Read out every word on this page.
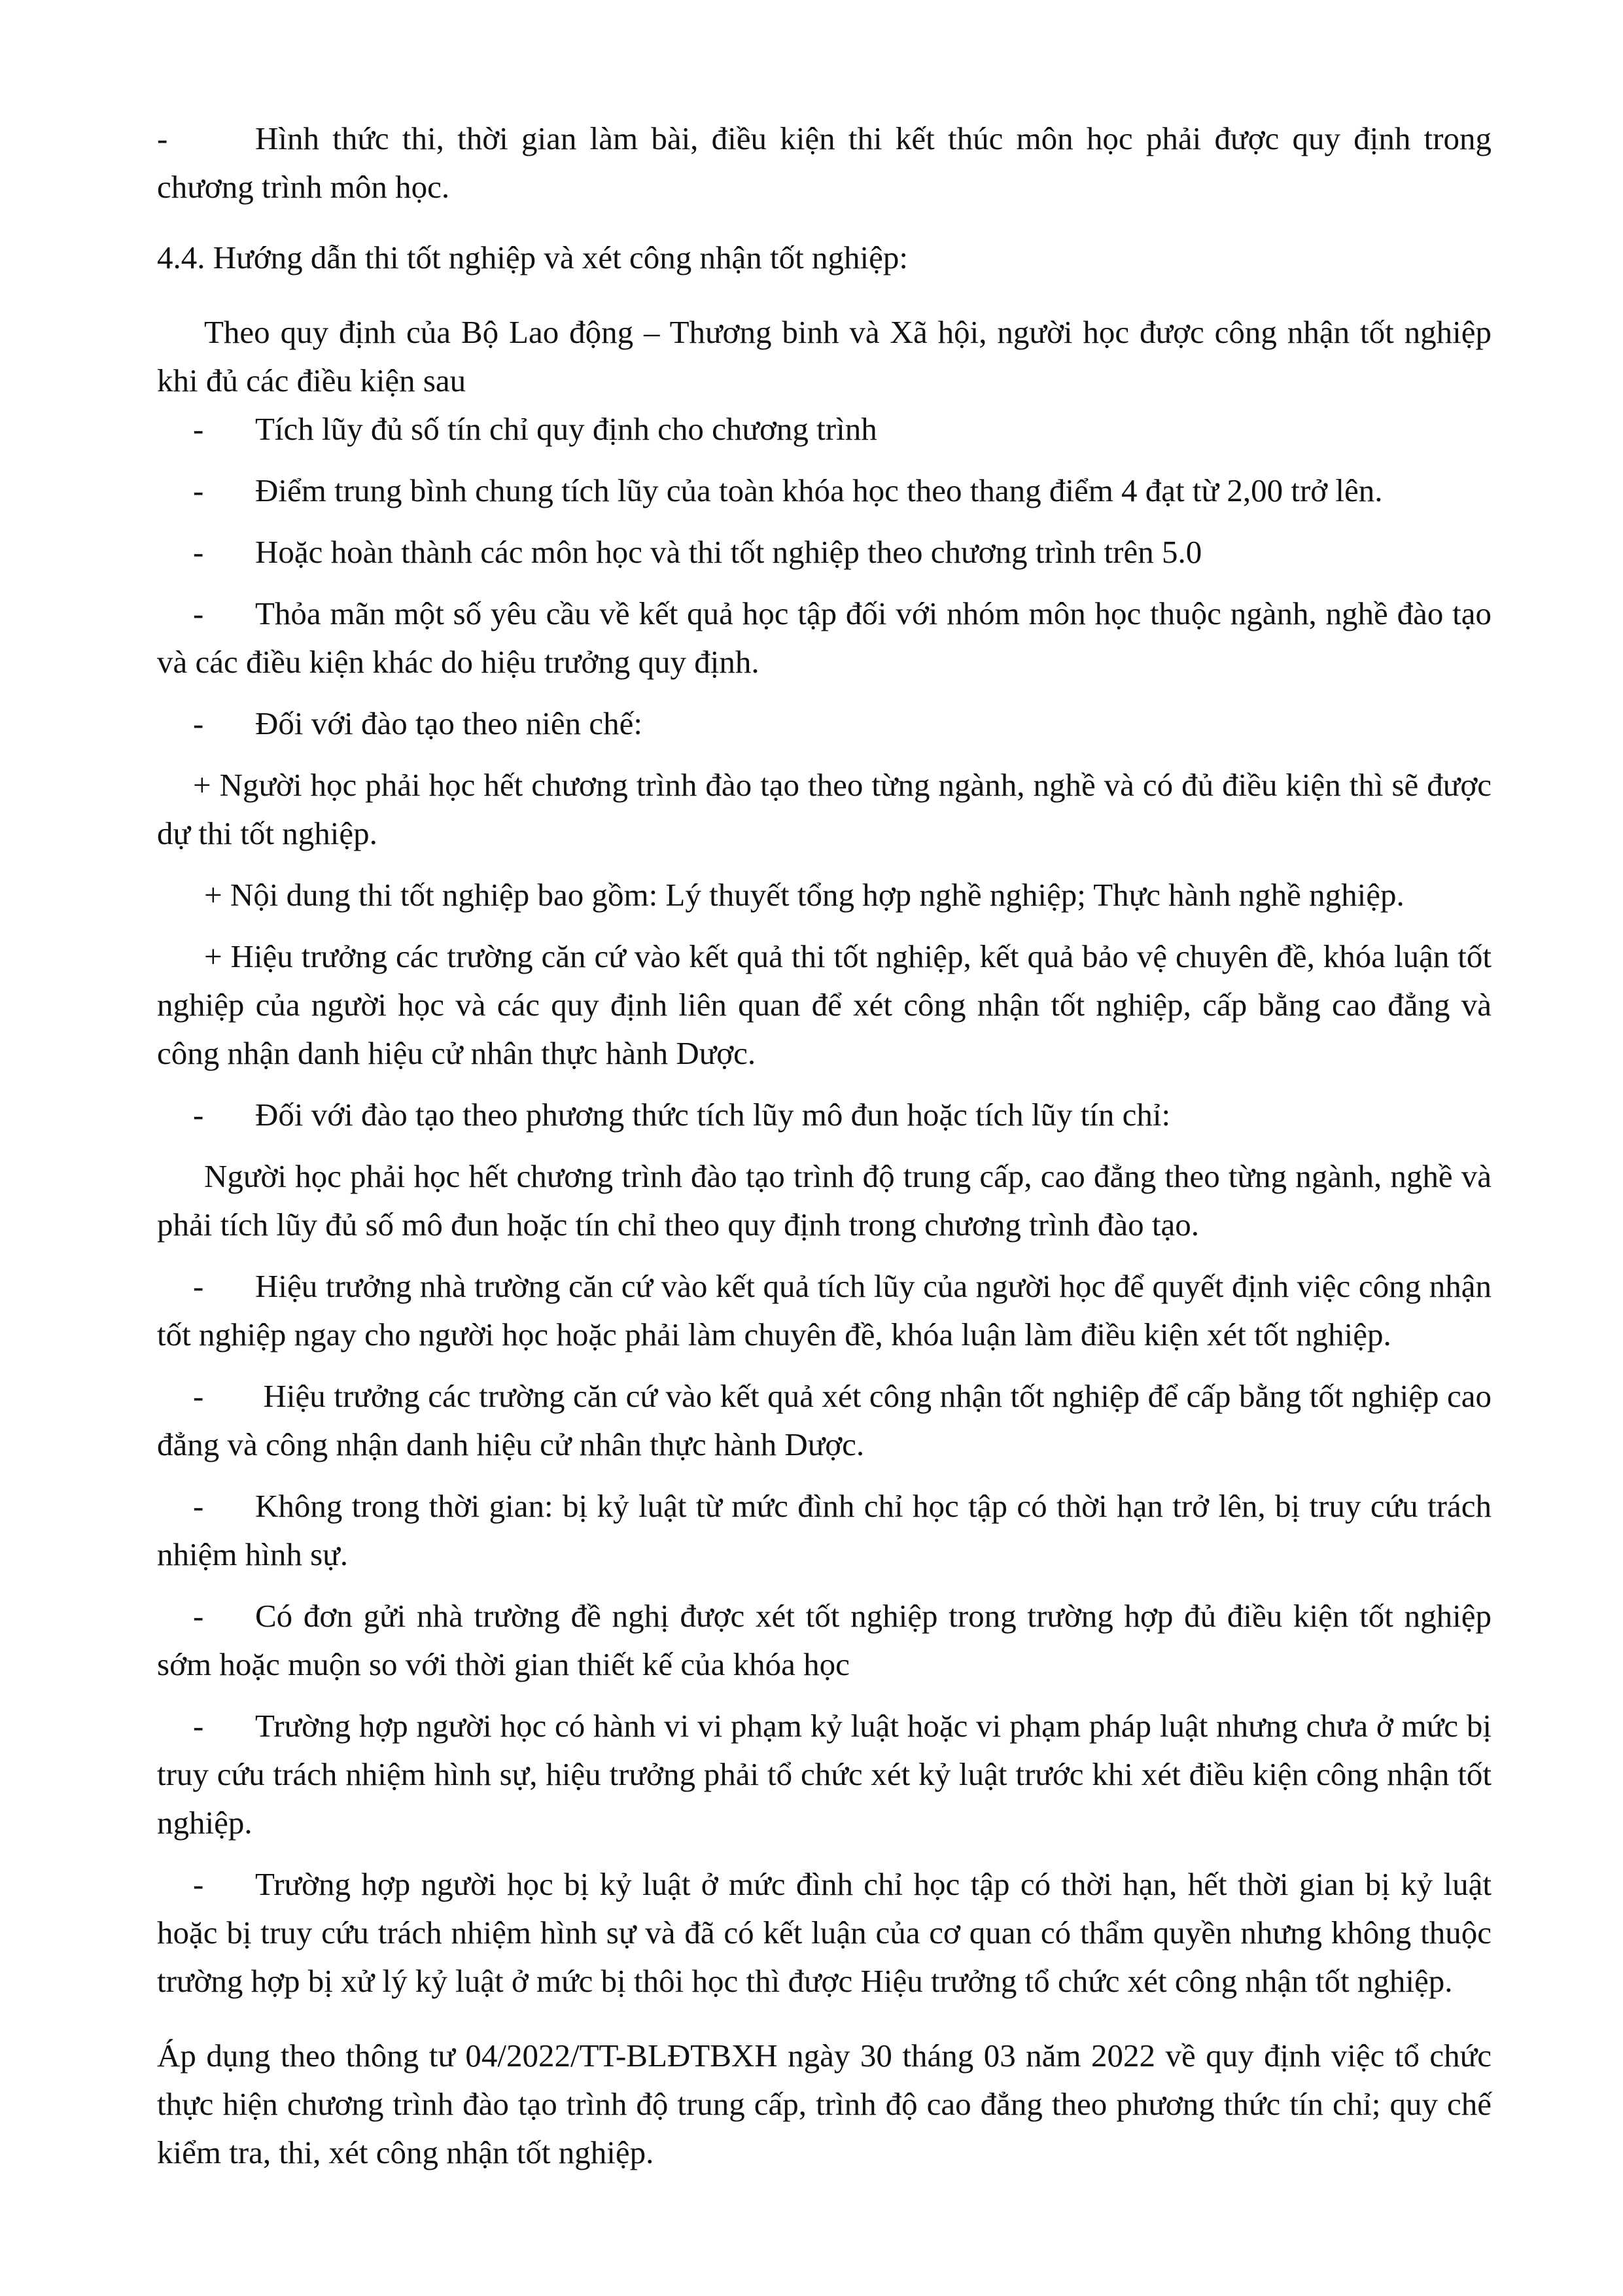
-	Hình thức thi, thời gian làm bài, điều kiện thi kết thúc môn học phải được quy định trong chương trình môn học.

4.4. Hướng dẫn thi tốt nghiệp và xét công nhận tốt nghiệp:

Theo quy định của Bộ Lao động – Thương binh và Xã hội, người học được công nhận tốt nghiệp khi đủ các điều kiện sau

- Tích lũy đủ số tín chỉ quy định cho chương trình

- Điểm trung bình chung tích lũy của toàn khóa học theo thang điểm 4 đạt từ 2,00 trở lên.

- Hoặc hoàn thành các môn học và thi tốt nghiệp theo chương trình trên 5.0

- Thỏa mãn một số yêu cầu về kết quả học tập đối với nhóm môn học thuộc ngành, nghề đào tạo và các điều kiện khác do hiệu trưởng quy định.

- Đối với đào tạo theo niên chế:

+ Người học phải học hết chương trình đào tạo theo từng ngành, nghề và có đủ điều kiện thì sẽ được dự thi tốt nghiệp.

+ Nội dung thi tốt nghiệp bao gồm: Lý thuyết tổng hợp nghề nghiệp; Thực hành nghề nghiệp.

+ Hiệu trưởng các trường căn cứ vào kết quả thi tốt nghiệp, kết quả bảo vệ chuyên đề, khóa luận tốt nghiệp của người học và các quy định liên quan để xét công nhận tốt nghiệp, cấp bằng cao đẳng và công nhận danh hiệu cử nhân thực hành Dược.

- Đối với đào tạo theo phương thức tích lũy mô đun hoặc tích lũy tín chỉ:

Người học phải học hết chương trình đào tạo trình độ trung cấp, cao đẳng theo từng ngành, nghề và phải tích lũy đủ số mô đun hoặc tín chỉ theo quy định trong chương trình đào tạo.

- Hiệu trưởng nhà trường căn cứ vào kết quả tích lũy của người học để quyết định việc công nhận tốt nghiệp ngay cho người học hoặc phải làm chuyên đề, khóa luận làm điều kiện xét tốt nghiệp.

- Hiệu trưởng các trường căn cứ vào kết quả xét công nhận tốt nghiệp để cấp bằng tốt nghiệp cao đẳng và công nhận danh hiệu cử nhân thực hành Dược.

- Không trong thời gian: bị kỷ luật từ mức đình chỉ học tập có thời hạn trở lên, bị truy cứu trách nhiệm hình sự.

- Có đơn gửi nhà trường đề nghị được xét tốt nghiệp trong trường hợp đủ điều kiện tốt nghiệp sớm hoặc muộn so với thời gian thiết kế của khóa học

- Trường hợp người học có hành vi vi phạm kỷ luật hoặc vi phạm pháp luật nhưng chưa ở mức bị truy cứu trách nhiệm hình sự, hiệu trưởng phải tổ chức xét kỷ luật trước khi xét điều kiện công nhận tốt nghiệp.

- Trường hợp người học bị kỷ luật ở mức đình chỉ học tập có thời hạn, hết thời gian bị kỷ luật hoặc bị truy cứu trách nhiệm hình sự và đã có kết luận của cơ quan có thẩm quyền nhưng không thuộc trường hợp bị xử lý kỷ luật ở mức bị thôi học thì được Hiệu trưởng tổ chức xét công nhận tốt nghiệp.

Áp dụng theo thông tư 04/2022/TT-BLĐTBXH ngày 30 tháng 03 năm 2022 về quy định việc tổ chức thực hiện chương trình đào tạo trình độ trung cấp, trình độ cao đẳng theo phương thức tín chỉ; quy chế kiểm tra, thi, xét công nhận tốt nghiệp.
